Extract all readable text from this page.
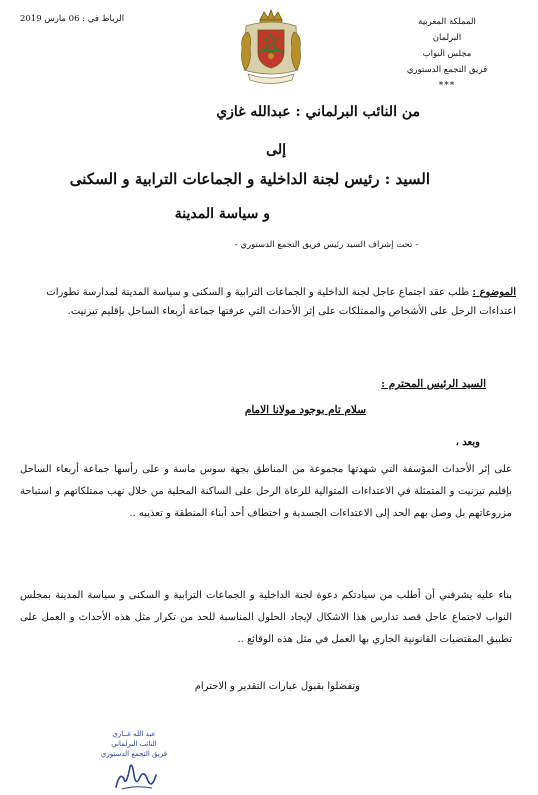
المملكة المغربية
البرلمان
مجلس النواب
فريق التجمع الدستوري
***
الرباط في : 06 مارس 2019
من النائب البرلماني : عبدالله غازي
إلى
السيد : رئيس لجنة الداخلية و الجماعات الترابية و السكنى
و سياسة المدينة
- تحت إشراف السيد رئيس فريق التجمع الدستوري -
الموضوع : طلب عقد اجتماع عاجل لجنة الداخلية و الجماعات الترابية و السكنى و سياسة المدينة لمدارسة تطورات اعتداءات الرحل على الأشخاص والممتلكات على إثر الأحداث التي عرفتها جماعة أربعاء الساحل بإقليم تيزنيت.
السيد الرئيس المحترم :
سلام تام بوجود مولانا الامام
وبعد ،
على إثر الأحداث المؤسفة التي شهدتها مجموعة من المناطق بجهة سوس ماسة و على رأسها جماعة أربعاء الساحل بإقليم تيزنيت و المتمثلة في الاعتداءات المتوالية للرعاة الرحل على الساكنة المحلية من خلال نهب ممتلكاتهم و استباحة مزروعاتهم بل وصل بهم الحد إلى الاعتداءات الجسدية و اختطاف أحد أبناء المنطقة و تعذيبه ..
بناء عليه يشرفني أن أطلب من سيادتكم دعوة لجنة الداخلية و الجماعات الترابية و السكنى و سياسة المدينة بمجلس النواب لاجتماع عاجل قصد تدارس هذا الاشكال لإيجاد الحلول المناسبة للحد من تكرار مثل هذه الأحداث و العمل على تطبيق المقتضيات القانونية الجاري بها العمل في مثل هذه الوقائع ..
وتفضلوا بقبول عبارات التقدير و الاحترام
عبد الله غــازي
النائب البرلماني
فريق التجمع الدستوري
